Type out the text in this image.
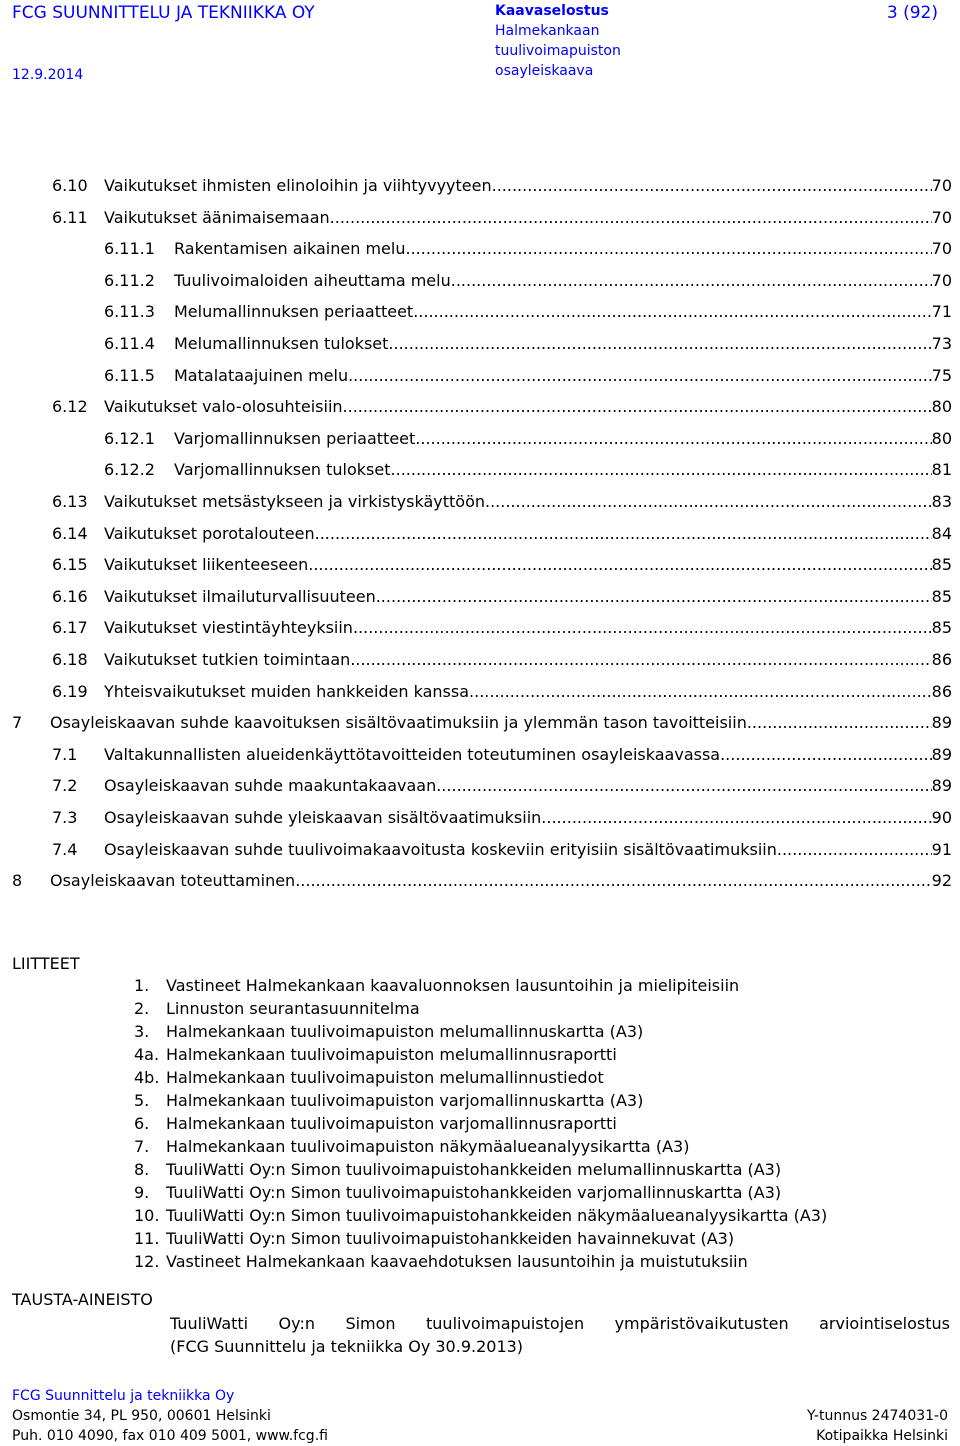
FCG SUUNNITTELU JA TEKNIIKKA OY
12.9.2014
Kaavaselostus
Halmekankaan
tuulivoimapuiston
osayleiskaava
3 (92)
6.10	Vaikutukset ihmisten elinoloihin ja viihtyvyyteen .....	70
6.11	Vaikutukset äänimaisemaan .....	70
6.11.1	Rakentamisen aikainen melu .....	70
6.11.2	Tuulivoimaloiden aiheuttama melu .....	70
6.11.3	Melumallinnuksen periaatteet .....	71
6.11.4	Melumallinnuksen tulokset .....	73
6.11.5	Matalataajuinen melu .....	75
6.12	Vaikutukset valo-olosuhteisiin .....	80
6.12.1	Varjomallinnuksen periaatteet .....	80
6.12.2	Varjomallinnuksen tulokset .....	81
6.13	Vaikutukset metsästykseen ja virkistyskäyttöön .....	83
6.14	Vaikutukset porotalouteen .....	84
6.15	Vaikutukset liikenteeseen .....	85
6.16	Vaikutukset ilmailuturvallisuuteen .....	85
6.17	Vaikutukset viestintäyhteyksiin .....	85
6.18	Vaikutukset tutkien toimintaan .....	86
6.19	Yhteisvaikutukset muiden hankkeiden kanssa .....	86
7	Osayleiskaavan suhde kaavoituksen sisältövaatimuksiin ja ylemmän tason tavoitteisiin .....	89
7.1	Valtakunnallisten alueidenkäyttötavoitteiden toteutuminen osayleiskaavassa .....	89
7.2	Osayleiskaavan suhde maakuntakaavaan .....	89
7.3	Osayleiskaavan suhde yleiskaavan sisältövaatimuksiin .....	90
7.4	Osayleiskaavan suhde tuulivoimakaavoitusta koskeviin erityisiin sisältövaatimuksiin .....	91
8	Osayleiskaavan toteuttaminen .....	92
LIITTEET
1. Vastineet Halmekankaan kaavaluonnoksen lausuntoihin ja mielipiteisiin
2. Linnuston seurantasuunnitelma
3. Halmekankaan tuulivoimapuiston melumallinnuskartta (A3)
4a. Halmekankaan tuulivoimapuiston melumallinnusraportti
4b. Halmekankaan tuulivoimapuiston melumallinnustiedot
5. Halmekankaan tuulivoimapuiston varjomallinnuskartta (A3)
6. Halmekankaan tuulivoimapuiston varjomallinnusraportti
7. Halmekankaan tuulivoimapuiston näkymäalueanalyysikartta (A3)
8. TuuliWatti Oy:n Simon tuulivoimapuistohankkeiden melumallinnuskartta (A3)
9. TuuliWatti Oy:n Simon tuulivoimapuistohankkeiden varjomallinnuskartta (A3)
10. TuuliWatti Oy:n Simon tuulivoimapuistohankkeiden näkymäalueanalyysikartta (A3)
11. TuuliWatti Oy:n Simon tuulivoimapuistohankkeiden havainnekuvat (A3)
12. Vastineet Halmekankaan kaavaehdotuksen lausuntoihin ja muistutuksiin
TAUSTA-AINEISTO
TuuliWatti Oy:n Simon tuulivoimapuistojen ympäristövaikutusten arviointiselostus
(FCG Suunnittelu ja tekniikka Oy 30.9.2013)
FCG Suunnittelu ja tekniikka Oy
Osmontie 34, PL 950, 00601 Helsinki	Y-tunnus 2474031-0
Puh. 010 4090, fax 010 409 5001, www.fcg.fi	Kotipaikka Helsinki
